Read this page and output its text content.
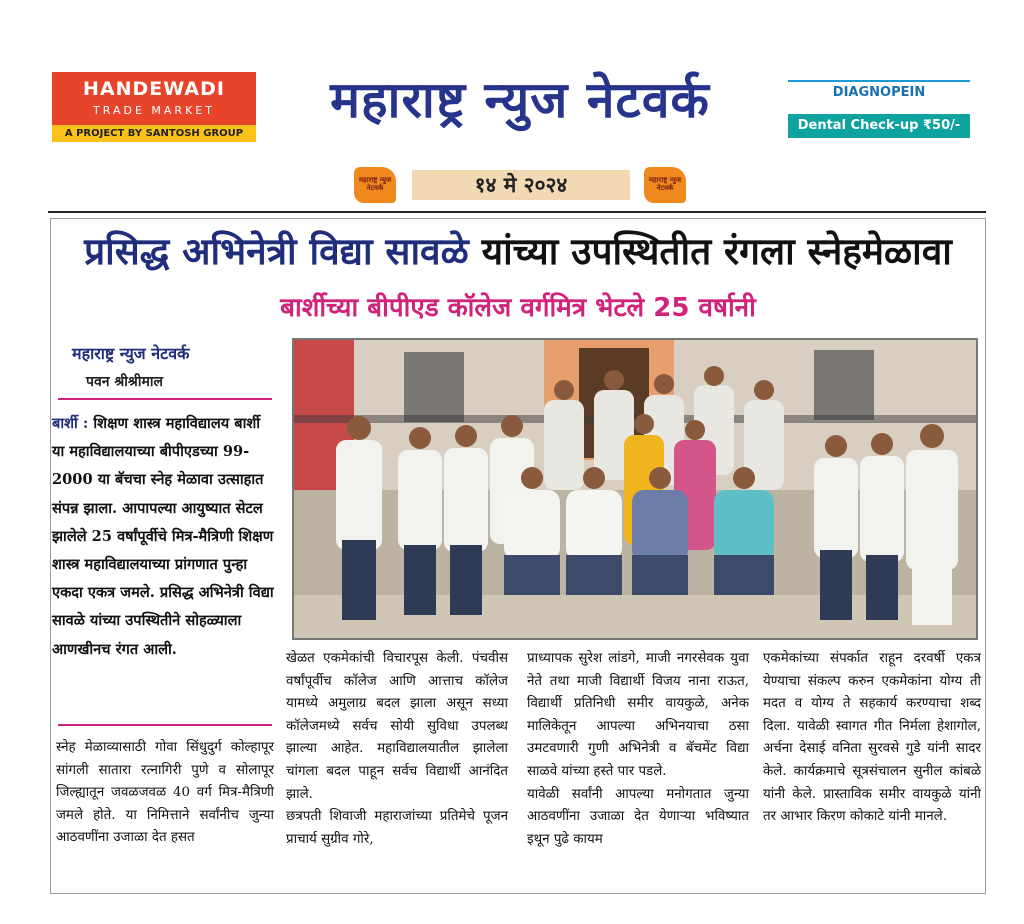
HANDEWADI
TRADE MARKET
A PROJECT BY SANTOSH GROUP
महाराष्ट्र न्युज नेटवर्क	DIAGNOPEIN
Dental Check-up ₹50/-
महाराष्ट्र न्युज नेटवर्क	१४ मे २०२४	महाराष्ट्र न्युज नेटवर्क
प्रसिद्ध अभिनेत्री विद्या सावळे यांच्या उपस्थितीत रंगला स्नेहमेळावा
बार्शीच्या बीपीएड कॉलेज वर्गमित्र भेटले 25 वर्षानी
महाराष्ट्र न्युज नेटवर्क
पवन श्रीश्रीमाल
बार्शी : शिक्षण शास्त्र महाविद्यालय बार्शी या महाविद्यालयाच्या बीपीएडच्या 99- 2000 या बॅचचा स्नेह मेळावा उत्साहात संपन्न झाला. आपापल्या आयुष्यात सेटल झालेले 25 वर्षांपूर्वीचे मित्र-मैत्रिणी शिक्षण शास्त्र महाविद्यालयाच्या प्रांगणात पुन्हा एकदा एकत्र जमले. प्रसिद्ध अभिनेत्री विद्या सावळे यांच्या उपस्थितीने सोहळ्याला आणखीनच रंगत आली.

स्नेह मेळाव्यासाठी गोवा सिंधुदुर्ग कोल्हापूर सांगली सातारा रत्नागिरी पुणे व सोलापूर जिल्ह्यातून जवळजवळ 40 वर्ग मित्र-मैत्रिणी जमले होते. या निमित्ताने सर्वांनीच जुन्या आठवणींना उजाळा देत हसत

खेळत एकमेकांची विचारपूस केली. पंचवीस वर्षांपूर्वीच कॉलेज आणि आत्ताच कॉलेज यामध्ये अमुलाग्र बदल झाला असून सध्या कॉलेजमध्ये सर्वच सोयी सुविधा उपलब्ध झाल्या आहेत. महाविद्यालयातील झालेला चांगला बदल पाहून सर्वच विद्यार्थी आनंदित झाले.

छत्रपती शिवाजी महाराजांच्या प्रतिमेचे पूजन प्राचार्य सुग्रीव गोरे,

प्राध्यापक सुरेश लांडगे, माजी नगरसेवक युवा नेते तथा माजी विद्यार्थी विजय नाना राऊत, विद्यार्थी प्रतिनिधी समीर वायकुळे, अनेक मालिकेतून आपल्या अभिनयाचा ठसा उमटवणारी गुणी अभिनेत्री व बॅचमेंट विद्या साळवे यांच्या हस्ते पार पडले.

यावेळी सर्वांनी आपल्या मनोगतात जुन्या आठवणींना उजाळा देत येणाऱ्या भविष्यात इथून पुढे कायम

एकमेकांच्या संपर्कात राहून दरवर्षी एकत्र येण्याचा संकल्प करुन एकमेकांना योग्य ती मदत व योग्य ते सहकार्य करण्याचा शब्द दिला. यावेळी स्वागत गीत निर्मला हेशागोल, अर्चना देसाई वनिता सुरवसे गुडे यांनी सादर केले. कार्यक्रमाचे सूत्रसंचालन सुनील कांबळे यांनी केले. प्रास्ताविक समीर वायकुळे यांनी तर आभार किरण कोकाटे यांनी मानले.
